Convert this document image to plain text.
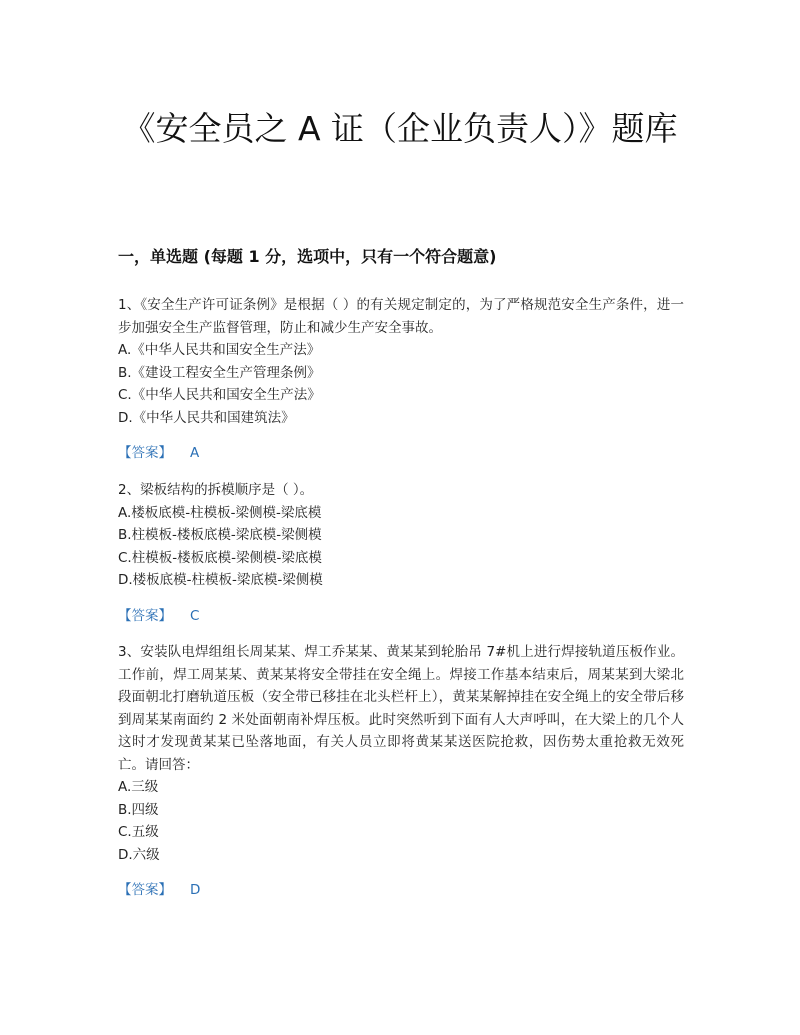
《安全员之 A 证（企业负责人）》题库
一，单选题 (每题 1 分，选项中，只有一个符合题意)

1、《安全生产许可证条例》是根据（ ）的有关规定制定的，为了严格规范安全生产条件，进一步加强安全生产监督管理，防止和减少生产安全事故。

A.《中华人民共和国安全生产法》
B.《建设工程安全生产管理条例》
C.《中华人民共和国安全生产法》
D.《中华人民共和国建筑法》
【答案】 A

2、梁板结构的拆模顺序是（ ）。

A.楼板底模-柱模板-梁侧模-梁底模
B.柱模板-楼板底模-梁底模-梁侧模
C.柱模板-楼板底模-梁侧模-梁底模
D.楼板底模-柱模板-梁底模-梁侧模
【答案】 C

3、安装队电焊组组长周某某、焊工乔某某、黄某某到轮胎吊 7#机上进行焊接轨道压板作业。工作前，焊工周某某、黄某某将安全带挂在安全绳上。焊接工作基本结束后，周某某到大梁北段面朝北打磨轨道压板（安全带已移挂在北头栏杆上），黄某某解掉挂在安全绳上的安全带后移到周某某南面约 2 米处面朝南补焊压板。此时突然听到下面有人大声呼叫，在大梁上的几个人这时才发现黄某某已坠落地面，有关人员立即将黄某某送医院抢救，因伤势太重抢救无效死亡。请回答：

A.三级
B.四级
C.五级
D.六级
【答案】 D
